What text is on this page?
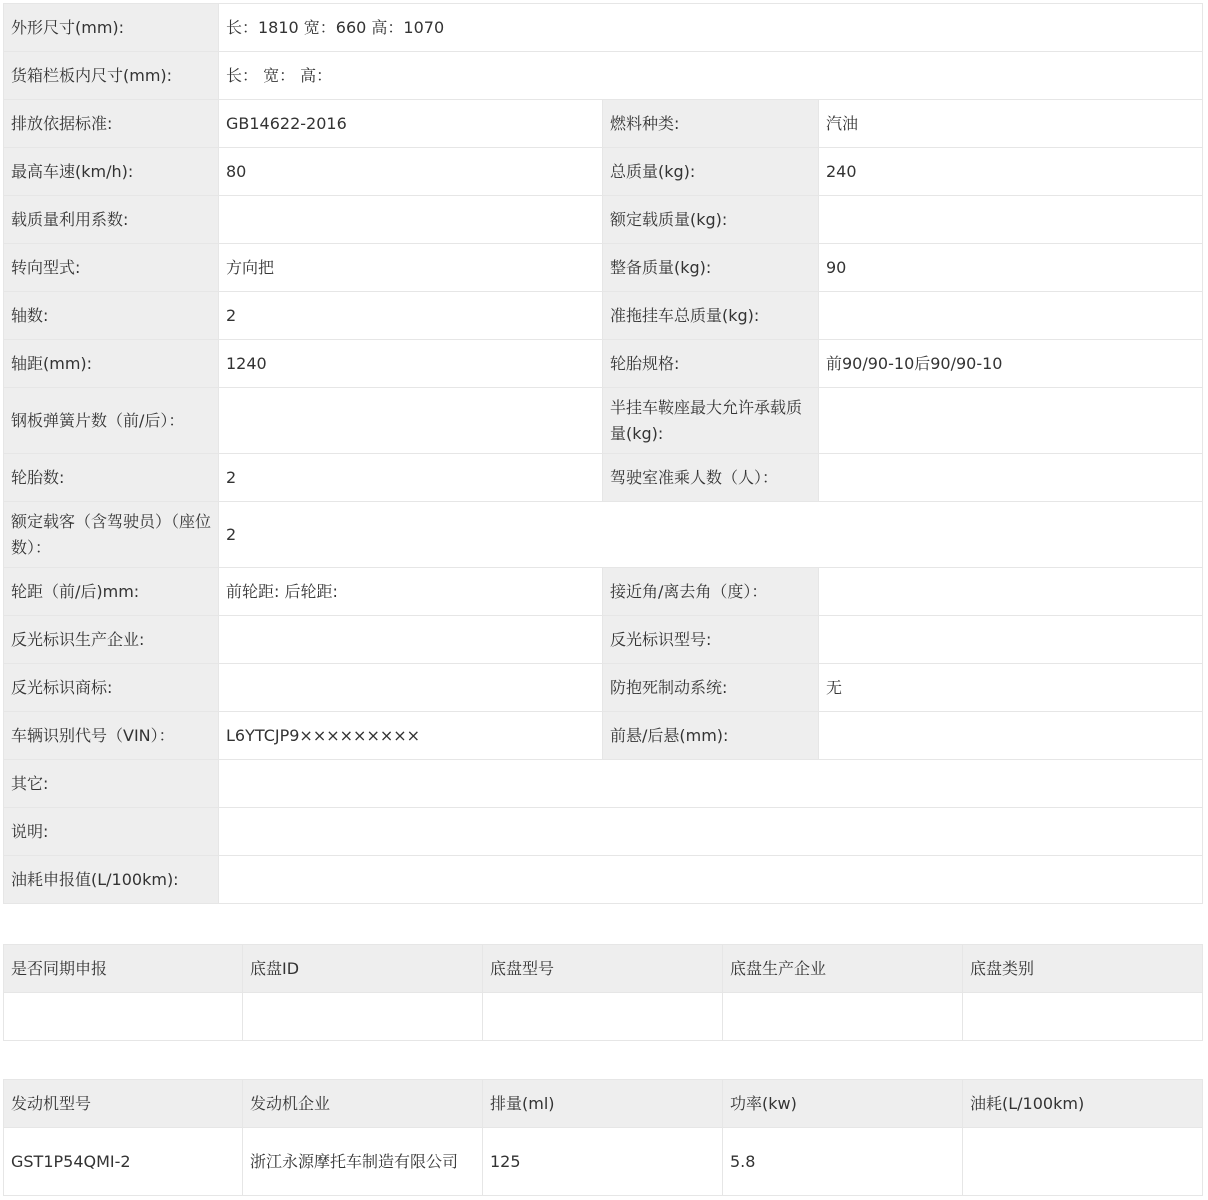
外形尺寸(mm):	长：1810 宽：660 高：1070		
货箱栏板内尺寸(mm):	长： 宽： 高：		
排放依据标准:	GB14622-2016	燃料种类:	汽油
最高车速(km/h):	80	总质量(kg):	240
载质量利用系数:		额定载质量(kg):	
转向型式:	方向把	整备质量(kg):	90
轴数:	2	准拖挂车总质量(kg):	
轴距(mm):	1240	轮胎规格:	前90/90-10后90/90-10
钢板弹簧片数（前/后）：		半挂车鞍座最大允许承载质量(kg):	
轮胎数:	2	驾驶室准乘人数（人）：	
额定载客（含驾驶员）（座位数）：	2		
轮距（前/后)mm:	前轮距: 后轮距:	接近角/离去角（度）：	
反光标识生产企业:		反光标识型号:	
反光标识商标:		防抱死制动系统:	无
车辆识别代号（VIN）：	L6YTCJP9×××××××××	前悬/后悬(mm):	
其它:			
说明:			
油耗申报值(L/100km):			
是否同期申报	底盘ID	底盘型号	底盘生产企业	底盘类别

发动机型号	发动机企业	排量(ml)	功率(kw)	油耗(L/100km)
GST1P54QMI-2	浙江永源摩托车制造有限公司	125	5.8	
